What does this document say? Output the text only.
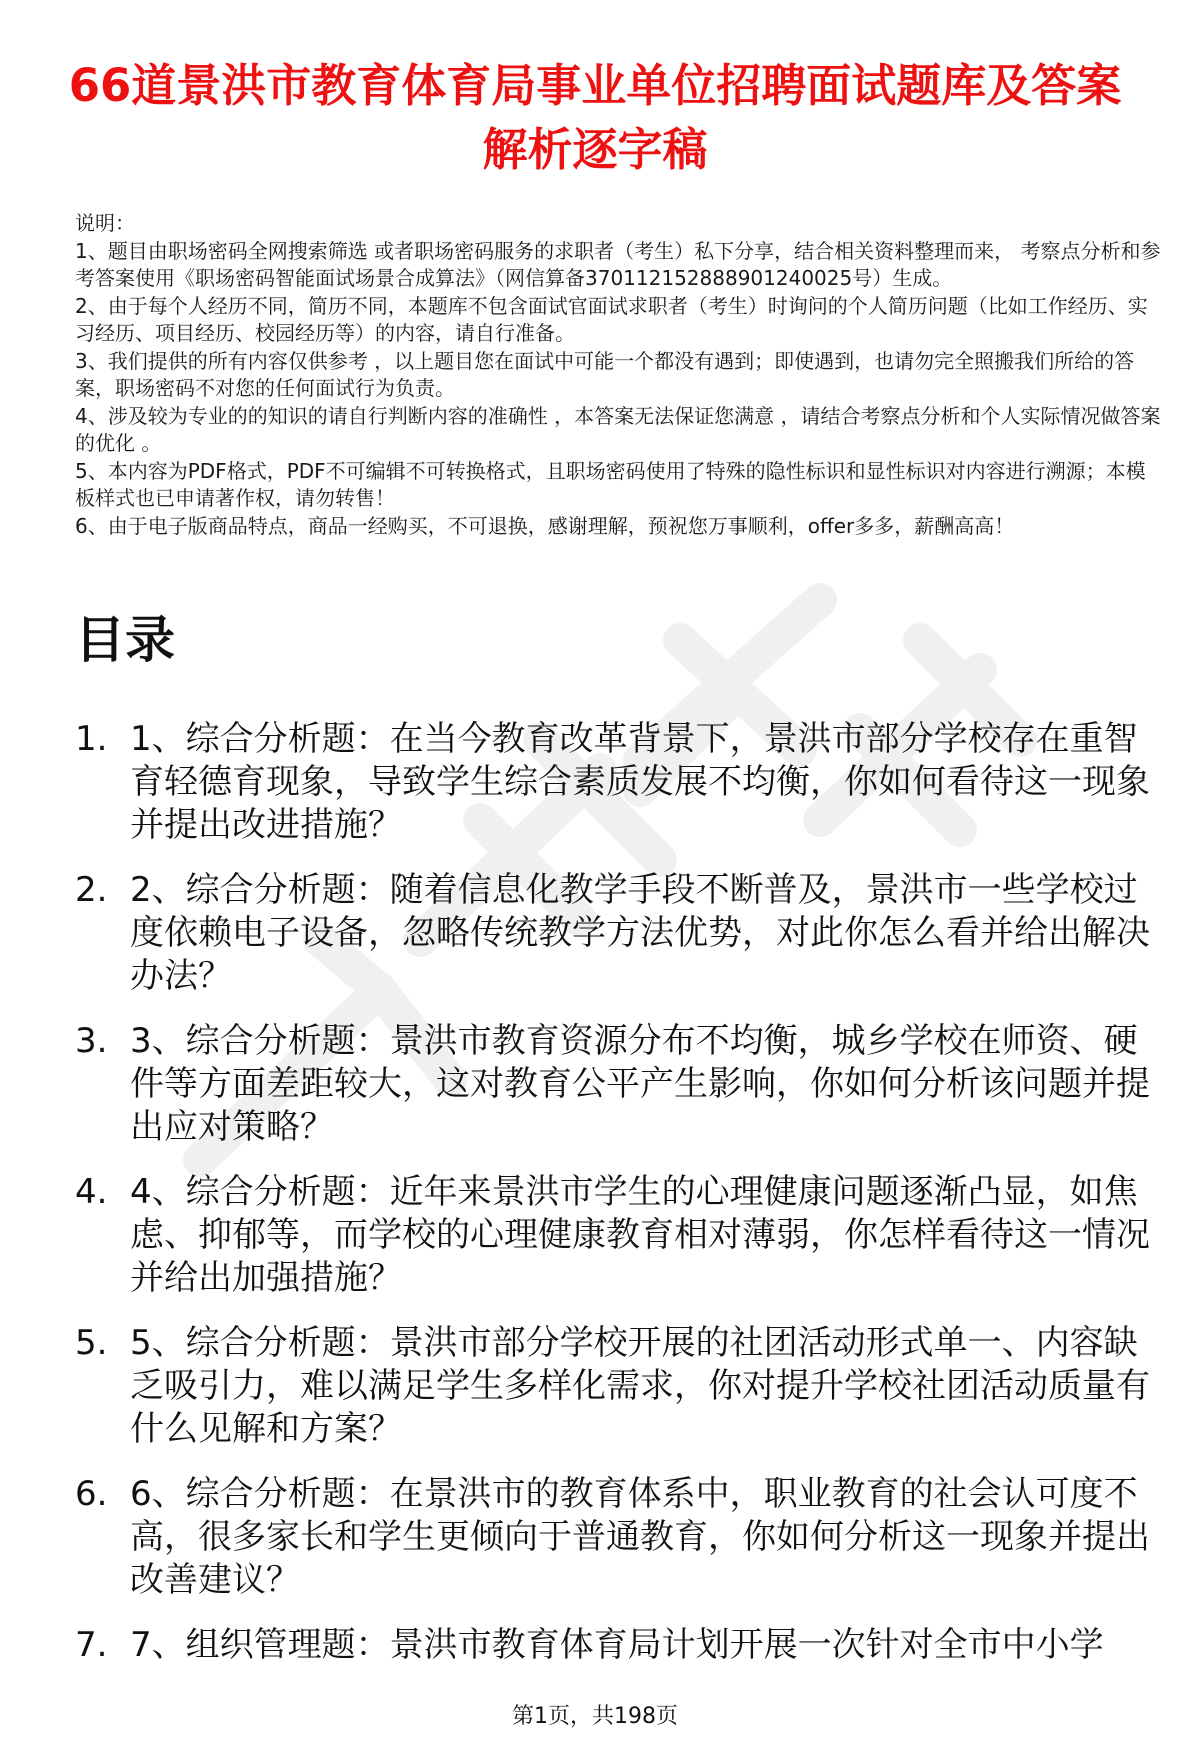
66道景洪市教育体育局事业单位招聘面试题库及答案解析逐字稿

说明：

1、题目由职场密码全网搜索筛选 或者职场密码服务的求职者（考生）私下分享，结合相关资料整理而来， 考察点分析和参考答案使用《职场密码智能面试场景合成算法》（网信算备370112152888901240025号）生成。

2、由于每个人经历不同，简历不同，本题库不包含面试官面试求职者（考生）时询问的个人简历问题（比如工作经历、实习经历、项目经历、校园经历等）的内容，请自行准备。

3、我们提供的所有内容仅供参考 ，以上题目您在面试中可能一个都没有遇到；即使遇到，也请勿完全照搬我们所给的答案，职场密码不对您的任何面试行为负责。

4、涉及较为专业的的知识的请自行判断内容的准确性 ，本答案无法保证您满意 ，请结合考察点分析和个人实际情况做答案的优化 。

5、本内容为PDF格式，PDF不可编辑不可转换格式，且职场密码使用了特殊的隐性标识和显性标识对内容进行溯源；本模板样式也已申请著作权，请勿转售！

6、由于电子版商品特点，商品一经购买，不可退换，感谢理解，预祝您万事顺利，offer多多，薪酬高高！

目录
1. 1、综合分析题：在当今教育改革背景下，景洪市部分学校存在重智育轻德育现象，导致学生综合素质发展不均衡，你如何看待这一现象并提出改进措施？
2. 2、综合分析题：随着信息化教学手段不断普及，景洪市一些学校过度依赖电子设备，忽略传统教学方法优势，对此你怎么看并给出解决办法？
3. 3、综合分析题：景洪市教育资源分布不均衡，城乡学校在师资、硬件等方面差距较大，这对教育公平产生影响，你如何分析该问题并提出应对策略？
4. 4、综合分析题：近年来景洪市学生的心理健康问题逐渐凸显，如焦虑、抑郁等，而学校的心理健康教育相对薄弱，你怎样看待这一情况并给出加强措施？
5. 5、综合分析题：景洪市部分学校开展的社团活动形式单一、内容缺乏吸引力，难以满足学生多样化需求，你对提升学校社团活动质量有什么见解和方案？
6. 6、综合分析题：在景洪市的教育体系中，职业教育的社会认可度不高，很多家长和学生更倾向于普通教育，你如何分析这一现象并提出改善建议？
7. 7、组织管理题：景洪市教育体育局计划开展一次针对全市中小学
第1页，共198页
